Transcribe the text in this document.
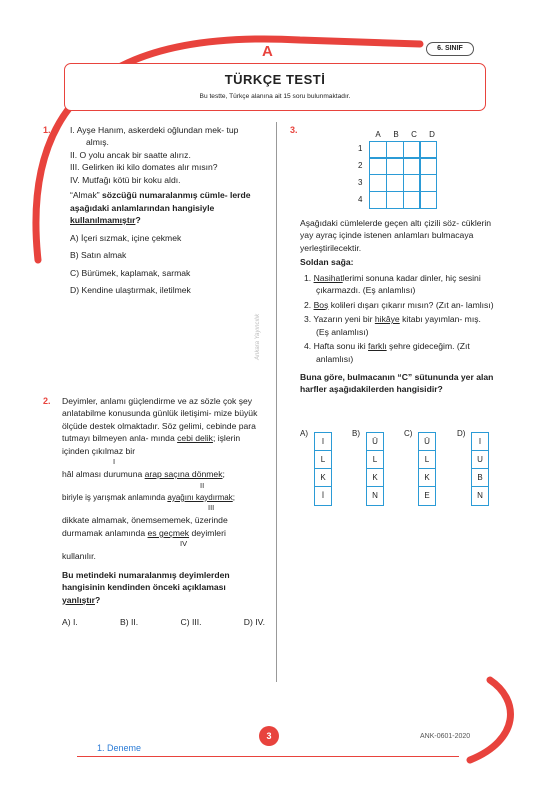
A	6. SINIF
TÜRKÇE TESTİ
Bu testte, Türkçe alanına ait 15 soru bulunmaktadır.
Ankara Yayıncılık
1. I. Ayşe Hanım, askerdeki oğlundan mek- tup almış.
II. O yolu ancak bir saatte alırız.
III. Gelirken iki kilo domates alır mısın?
IV. Mutfağı kötü bir koku aldı.
“Almak” sözcüğü numaralanmış cümle- lerde aşağıdaki anlamlarından hangisiyle kullanılmamıştır?
A) İçeri sızmak, içine çekmek
B) Satın almak
C) Bürümek, kaplamak, sarmak
D) Kendine ulaştırmak, iletilmek
2. Deyimler, anlamı güçlendirme ve az sözle çok şey anlatabilme konusunda günlük iletişimi- mize büyük ölçüde destek olmaktadır. Söz gelimi, cebinde para tutmayı bilmeyen anla- mında cebi delik; işlerin içinden çıkılmaz bir
I
hâl alması durumuna arap saçına dönmek;
II
biriyle iş yarışmak anlamında ayağını kaydırmak;
III
dikkate almamak, önemsememek, üzerinde durmamak anlamında es geçmek deyimleri
IV
kullanılır.
Bu metindeki numaralanmış deyimlerden hangisinin kendinden önceki açıklaması yanlıştır?
A) I.	B) II.	C) III.	D) IV.
3.	A	B	C	D
1
2
3
4
Aşağıdaki cümlelerde geçen altı çizili söz- cüklerin yay ayraç içinde istenen anlamları bulmacaya yerleştirilecektir.
Soldan sağa:
1. Nasihatlerimi sonuna kadar dinler, hiç sesini çıkarmazdı. (Eş anlamlısı)
2. Boş kolileri dışarı çıkarır mısın? (Zıt an- lamlısı)
3. Yazarın yeni bir hikâye kitabı yayımlan- mış. (Eş anlamlısı)
4. Hafta sonu iki farklı şehre gideceğim. (Zıt anlamlısı)
Buna göre, bulmacanın “C” sütununda yer alan harfler aşağıdakilerden hangisidir?
A)
I
L
K
İ
B)
Ü
L
K
N
C)
Ü
L
K
E
D)
I
U
B
N
3	ANK-0601-2020
1. Deneme
